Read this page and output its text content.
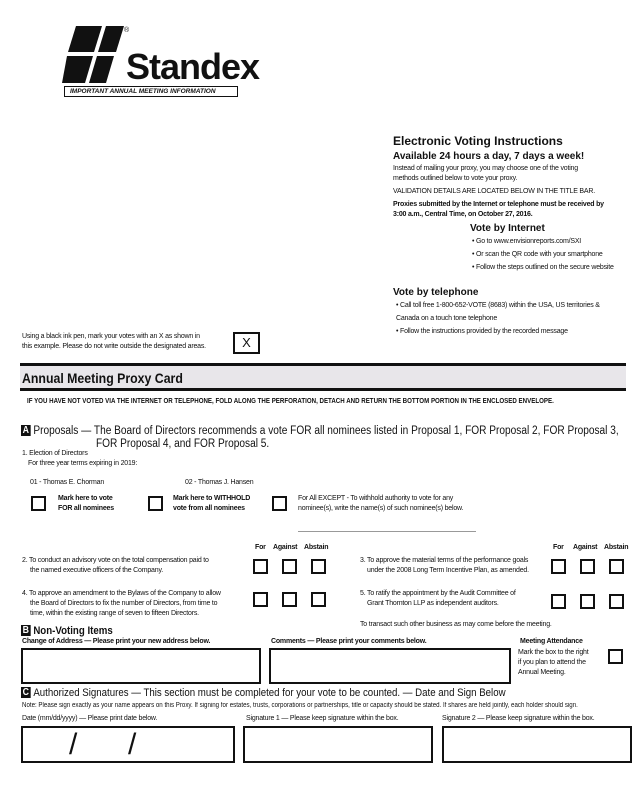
Standex
®
IMPORTANT ANNUAL MEETING INFORMATION
Electronic Voting Instructions
Available 24 hours a day, 7 days a week!
Instead of mailing your proxy, you may choose one of the voting
methods outlined below to vote your proxy.
VALIDATION DETAILS ARE LOCATED BELOW IN THE TITLE BAR.
Proxies submitted by the Internet or telephone must be received by
3:00 a.m., Central Time, on October 27, 2016.
Vote by Internet
• Go to www.envisionreports.com/SXI
• Or scan the QR code with your smartphone
• Follow the steps outlined on the secure website
Vote by telephone
• Call toll free 1-800-652-VOTE (8683) within the USA, US territories &
Canada on a touch tone telephone
• Follow the instructions provided by the recorded message
Using a black ink pen, mark your votes with an X as shown in
this example. Please do not write outside the designated areas.	X
Annual Meeting Proxy Card
IF YOU HAVE NOT VOTED VIA THE INTERNET OR TELEPHONE, FOLD ALONG THE PERFORATION, DETACH AND RETURN THE BOTTOM PORTION IN THE ENCLOSED ENVELOPE.
A Proposals — The Board of Directors recommends a vote FOR all nominees listed in Proposal 1, FOR Proposal 2, FOR Proposal 3,
FOR Proposal 4, and FOR Proposal 5.
1. Election of Directors
For three year terms expiring in 2019:
01 - Thomas E. Chorman	02 - Thomas J. Hansen
Mark here to vote
FOR all nominees
Mark here to WITHHOLD
vote from all nominees
For All EXCEPT - To withhold authority to vote for any
nominee(s), write the name(s) of such nominee(s) below.
For Against Abstain	For Against Abstain
2. To conduct an advisory vote on the total compensation paid to
the named executive officers of the Company.
3. To approve the material terms of the performance goals
under the 2008 Long Term Incentive Plan, as amended.
4. To approve an amendment to the Bylaws of the Company to allow
the Board of Directors to fix the number of Directors, from time to
time, within the existing range of seven to fifteen Directors.
5. To ratify the appointment by the Audit Committee of
Grant Thornton LLP as independent auditors.
To transact such other business as may come before the meeting.
B Non-Voting Items
Change of Address — Please print your new address below.	Comments — Please print your comments below.	Meeting Attendance
Mark the box to the right
if you plan to attend the
Annual Meeting.
C Authorized Signatures — This section must be completed for your vote to be counted. — Date and Sign Below
Note: Please sign exactly as your name appears on this Proxy. If signing for estates, trusts, corporations or partnerships, title or capacity should be stated. If shares are held jointly, each holder should sign.
Date (mm/dd/yyyy) — Please print date below.	Signature 1 — Please keep signature within the box.	Signature 2 — Please keep signature within the box.
/ /
